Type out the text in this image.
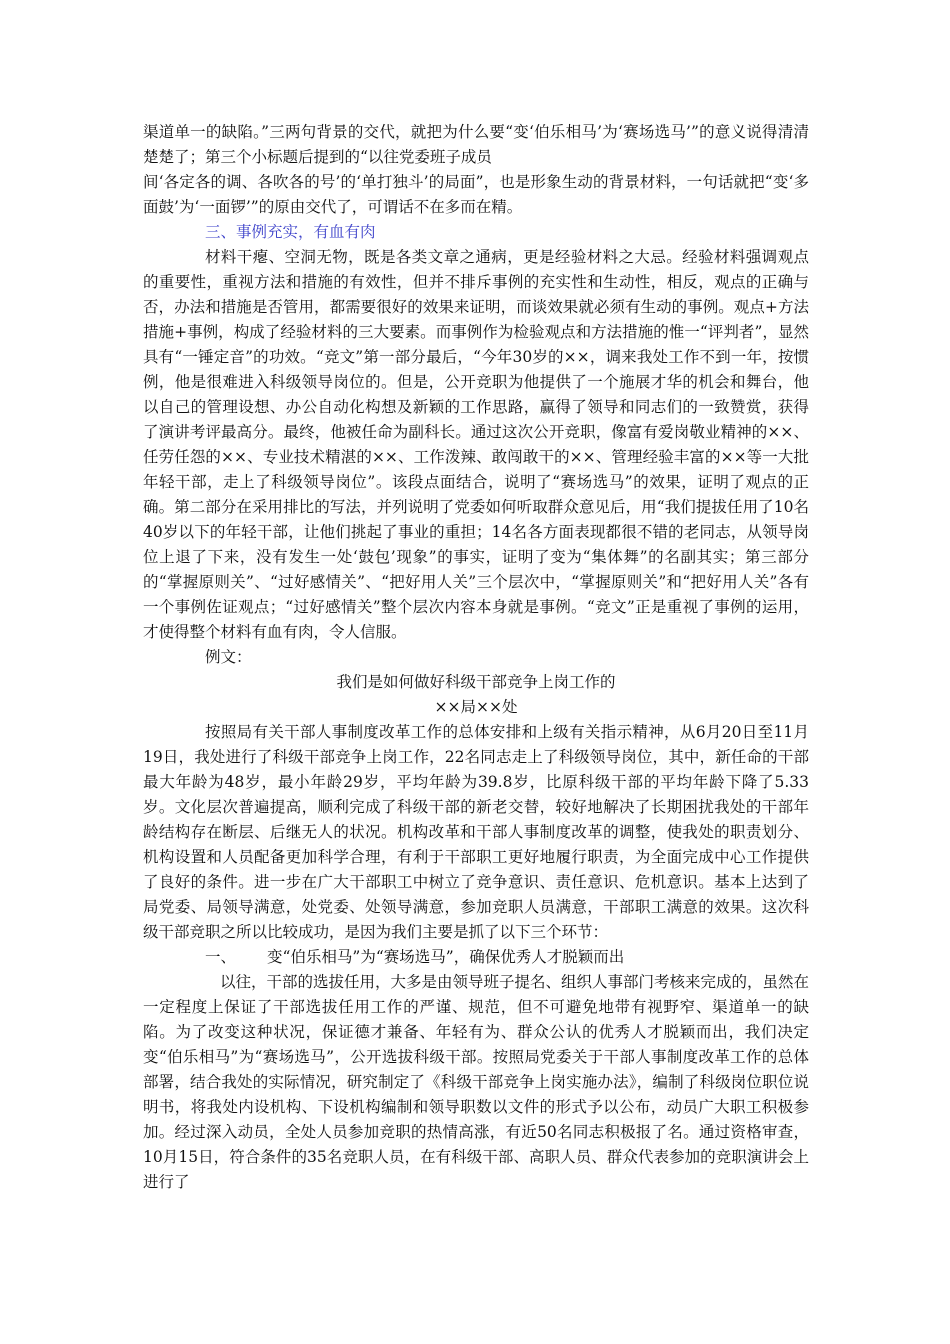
渠道单一的缺陷。”三两句背景的交代，就把为什么要“变‘伯乐相马’为‘赛场选马’”的意义说得清清楚楚了；第三个小标题后提到的“以往党委班子成员

间‘各定各的调、各吹各的号’的‘单打独斗’的局面”，也是形象生动的背景材料，一句话就把“变‘多面鼓’为‘一面锣’”的原由交代了，可谓话不在多而在精。

三、事例充实，有血有肉

材料干瘪、空洞无物，既是各类文章之通病，更是经验材料之大忌。经验材料强调观点的重要性，重视方法和措施的有效性，但并不排斥事例的充实性和生动性，相反，观点的正确与否，办法和措施是否管用，都需要很好的效果来证明，而谈效果就必须有生动的事例。观点+方法措施+事例，构成了经验材料的三大要素。而事例作为检验观点和方法措施的惟一“评判者”，显然具有“一锤定音”的功效。“竞文”第一部分最后，“今年30岁的××，调来我处工作不到一年，按惯例，他是很难进入科级领导岗位的。但是，公开竞职为他提供了一个施展才华的机会和舞台，他以自己的管理设想、办公自动化构想及新颖的工作思路，赢得了领导和同志们的一致赞赏，获得了演讲考评最高分。最终，他被任命为副科长。通过这次公开竞职，像富有爱岗敬业精神的××、任劳任怨的××、专业技术精湛的××、工作泼辣、敢闯敢干的××、管理经验丰富的××等一大批年轻干部，走上了科级领导岗位”。该段点面结合，说明了“赛场选马”的效果，证明了观点的正确。第二部分在采用排比的写法，并列说明了党委如何听取群众意见后，用“我们提拔任用了10名40岁以下的年轻干部，让他们挑起了事业的重担；14名各方面表现都很不错的老同志，从领导岗位上退了下来，没有发生一处‘鼓包’现象”的事实，证明了变为“集体舞”的名副其实；第三部分的“掌握原则关”、“过好感情关”、“把好用人关”三个层次中，“掌握原则关”和“把好用人关”各有一个事例佐证观点；“过好感情关”整个层次内容本身就是事例。“竞文”正是重视了事例的运用，才使得整个材料有血有肉，令人信服。

例文：

我们是如何做好科级干部竞争上岗工作的

××局××处

按照局有关干部人事制度改革工作的总体安排和上级有关指示精神，从6月20日至11月19日，我处进行了科级干部竞争上岗工作，22名同志走上了科级领导岗位，其中，新任命的干部最大年龄为48岁，最小年龄29岁，平均年龄为39.8岁，比原科级干部的平均年龄下降了5.33岁。文化层次普遍提高，顺利完成了科级干部的新老交替，较好地解决了长期困扰我处的干部年龄结构存在断层、后继无人的状况。机构改革和干部人事制度改革的调整，使我处的职责划分、机构设置和人员配备更加科学合理，有利于干部职工更好地履行职责，为全面完成中心工作提供了良好的条件。进一步在广大干部职工中树立了竞争意识、责任意识、危机意识。基本上达到了局党委、局领导满意，处党委、处领导满意，参加竞职人员满意，干部职工满意的效果。这次科级干部竞职之所以比较成功，是因为我们主要是抓了以下三个环节：

一、 变“伯乐相马”为“赛场选马”，确保优秀人才脱颖而出

以往，干部的选拔任用，大多是由领导班子提名、组织人事部门考核来完成的，虽然在一定程度上保证了干部选拔任用工作的严谨、规范，但不可避免地带有视野窄、渠道单一的缺陷。为了改变这种状况，保证德才兼备、年轻有为、群众公认的优秀人才脱颖而出，我们决定变“伯乐相马”为“赛场选马”，公开选拔科级干部。按照局党委关于干部人事制度改革工作的总体部署，结合我处的实际情况，研究制定了《科级干部竞争上岗实施办法》，编制了科级岗位职位说明书，将我处内设机构、下设机构编制和领导职数以文件的形式予以公布，动员广大职工积极参加。经过深入动员，全处人员参加竞职的热情高涨，有近50名同志积极报了名。通过资格审查，10月15日，符合条件的35名竞职人员，在有科级干部、高职人员、群众代表参加的竞职演讲会上进行了
